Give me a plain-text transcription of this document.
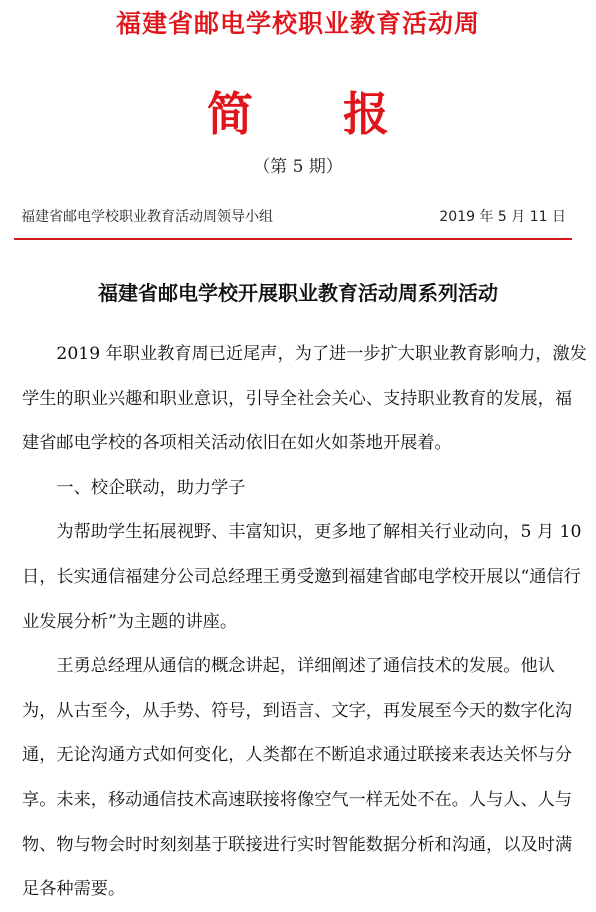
福建省邮电学校职业教育活动周
简报
（第 5 期）
福建省邮电学校职业教育活动周领导小组	2019 年 5 月 11 日
福建省邮电学校开展职业教育活动周系列活动

2019 年职业教育周已近尾声，为了进一步扩大职业教育影响力，激发学生的职业兴趣和职业意识，引导全社会关心、支持职业教育的发展，福建省邮电学校的各项相关活动依旧在如火如荼地开展着。

一、校企联动，助力学子

为帮助学生拓展视野、丰富知识，更多地了解相关行业动向，5 月 10 日，长实通信福建分公司总经理王勇受邀到福建省邮电学校开展以“通信行业发展分析”为主题的讲座。

王勇总经理从通信的概念讲起，详细阐述了通信技术的发展。他认为，从古至今，从手势、符号，到语言、文字，再发展至今天的数字化沟通，无论沟通方式如何变化，人类都在不断追求通过联接来表达关怀与分享。未来，移动通信技术高速联接将像空气一样无处不在。人与人、人与物、物与物会时时刻刻基于联接进行实时智能数据分析和沟通，以及时满足各种需要。
